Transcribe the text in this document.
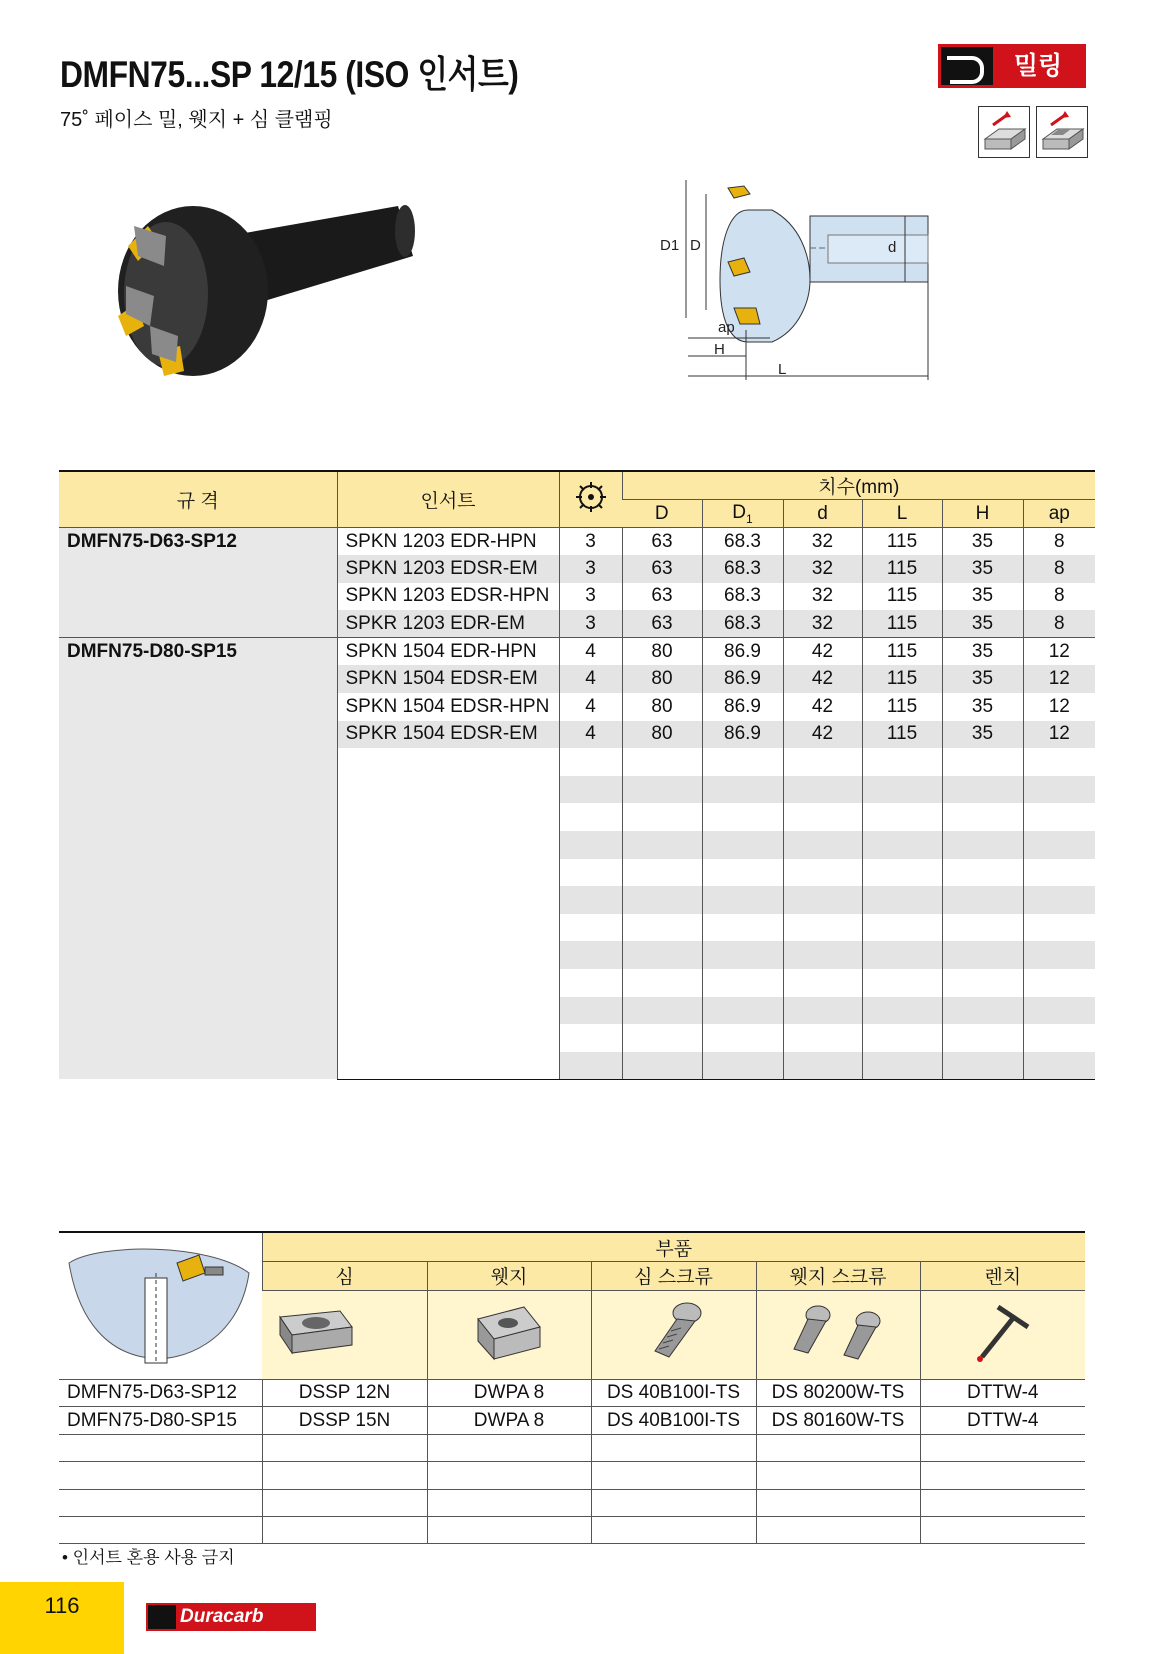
DMFN75...SP 12/15 (ISO 인서트)
75˚ 페이스 밀, 웻지 + 심 클램핑
밀링
D1 D	d
ap
H
L
규 격	인서트		치수(mm)					
			D	$D_1$	d	L	H	ap
DMFN75-D63-SP12	SPKN 1203 EDR-HPN	3	63	68.3	32	115	35	8
	SPKN 1203 EDSR-EM	3	63	68.3	32	115	35	8
	SPKN 1203 EDSR-HPN	3	63	68.3	32	115	35	8
	SPKR 1203 EDR-EM	3	63	68.3	32	115	35	8
DMFN75-D80-SP15	SPKN 1504 EDR-HPN	4	80	86.9	42	115	35	12
	SPKN 1504 EDSR-EM	4	80	86.9	42	115	35	12
	SPKN 1504 EDSR-HPN	4	80	86.9	42	115	35	12
	SPKR 1504 EDSR-EM	4	80	86.9	42	115	35	12

	부품				
	심	웻지	심 스크류	웻지 스크류	렌치

DMFN75-D63-SP12	DSSP 12N	DWPA 8	DS 40B100I-TS	DS 80200W-TS	DTTW-4
DMFN75-D80-SP15	DSSP 15N	DWPA 8	DS 40B100I-TS	DS 80160W-TS	DTTW-4

• 인서트 혼용 사용 금지
116	Duracarb
